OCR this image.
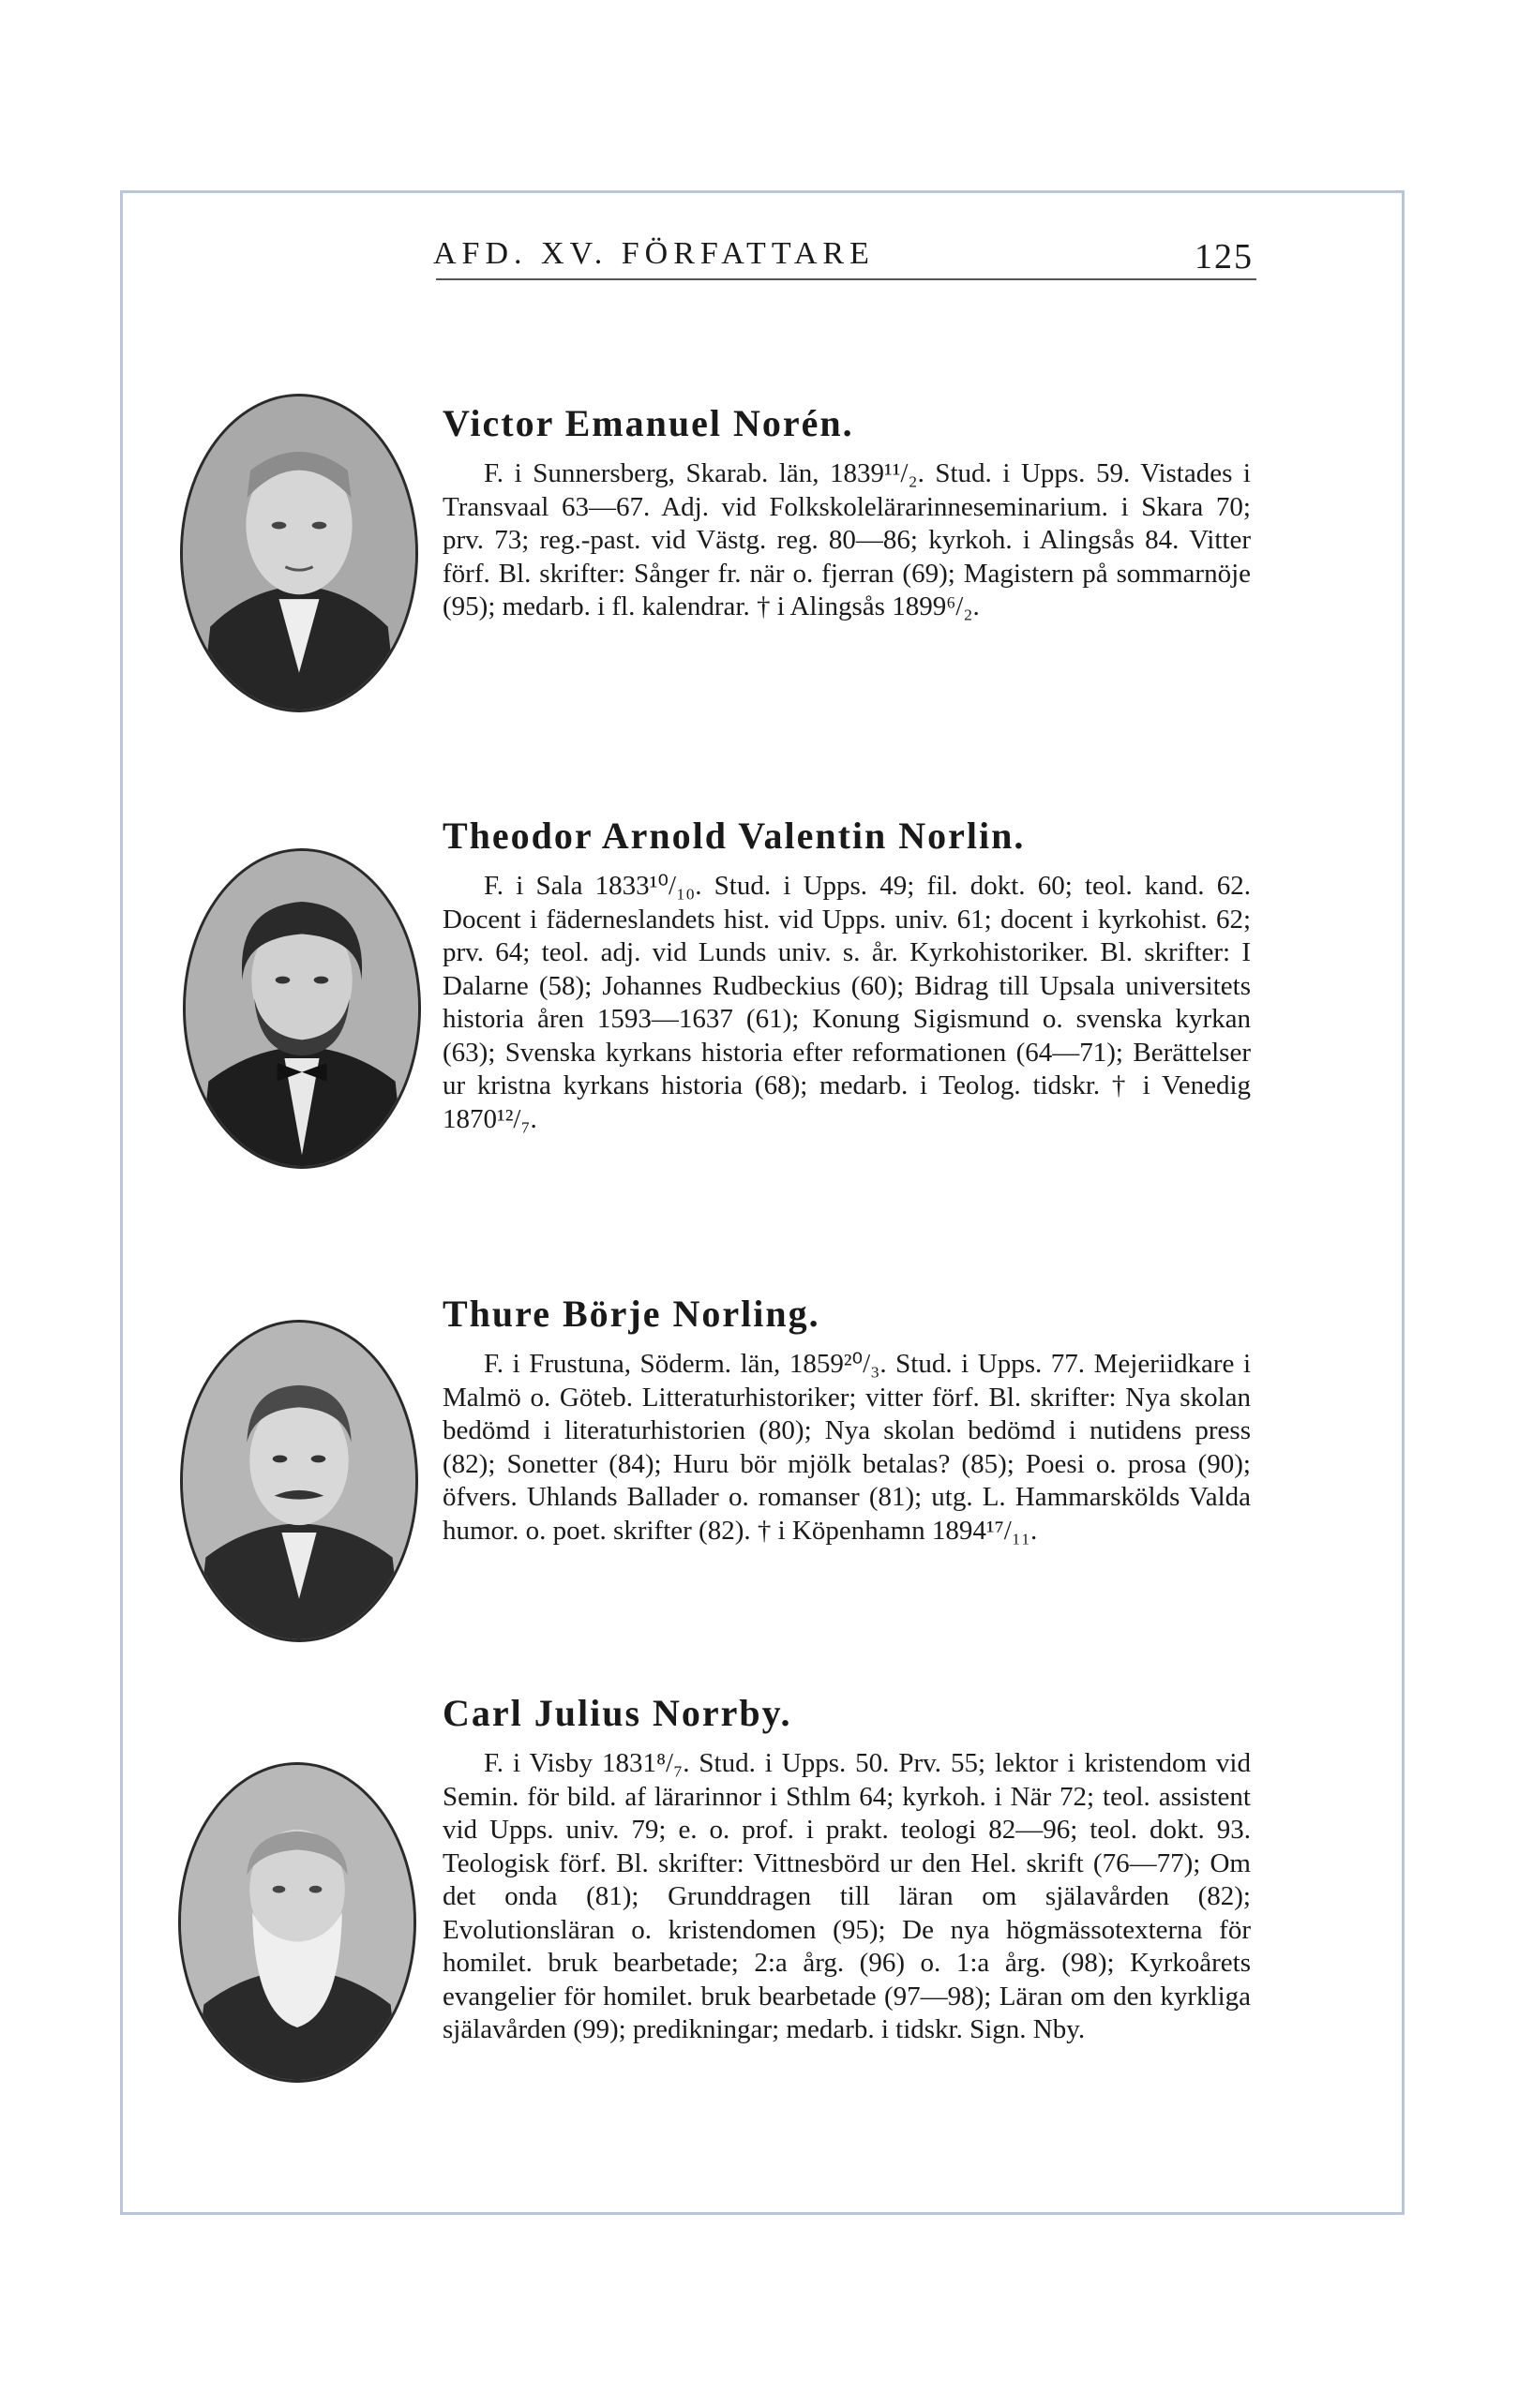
AFD. XV. FÖRFATTARE	125
Victor Emanuel Norén.

F. i Sunnersberg, Skarab. län, 1839¹¹/₂. Stud. i Upps. 59. Vistades i Transvaal 63—67. Adj. vid Folkskolelärarinneseminarium. i Skara 70; prv. 73; reg.-past. vid Västg. reg. 80—86; kyrkoh. i Alingsås 84. Vitter förf. Bl. skrifter: Sånger fr. när o. fjerran (69); Magistern på sommarnöje (95); medarb. i fl. kalendrar. † i Alingsås 1899⁶/₂.

Theodor Arnold Valentin Norlin.

F. i Sala 1833¹⁰/₁₀. Stud. i Upps. 49; fil. dokt. 60; teol. kand. 62. Docent i fäderneslandets hist. vid Upps. univ. 61; docent i kyrkohist. 62; prv. 64; teol. adj. vid Lunds univ. s. år. Kyrkohistoriker. Bl. skrifter: I Dalarne (58); Johannes Rudbeckius (60); Bidrag till Upsala universitets historia åren 1593—1637 (61); Konung Sigismund o. svenska kyrkan (63); Svenska kyrkans historia efter reformationen (64—71); Berättelser ur kristna kyrkans historia (68); medarb. i Teolog. tidskr. † i Venedig 1870¹²/₇.

Thure Börje Norling.

F. i Frustuna, Söderm. län, 1859²⁰/₃. Stud. i Upps. 77. Mejeriidkare i Malmö o. Göteb. Litteraturhistoriker; vitter förf. Bl. skrifter: Nya skolan bedömd i literaturhistorien (80); Nya skolan bedömd i nutidens press (82); Sonetter (84); Huru bör mjölk betalas? (85); Poesi o. prosa (90); öfvers. Uhlands Ballader o. romanser (81); utg. L. Hammarskölds Valda humor. o. poet. skrifter (82). † i Köpenhamn 1894¹⁷/₁₁.

Carl Julius Norrby.

F. i Visby 1831⁸/₇. Stud. i Upps. 50. Prv. 55; lektor i kristendom vid Semin. för bild. af lärarinnor i Sthlm 64; kyrkoh. i När 72; teol. assistent vid Upps. univ. 79; e. o. prof. i prakt. teologi 82—96; teol. dokt. 93. Teologisk förf. Bl. skrifter: Vittnesbörd ur den Hel. skrift (76—77); Om det onda (81); Grunddragen till läran om själavården (82); Evolutionsläran o. kristendomen (95); De nya högmässotexterna för homilet. bruk bearbetade; 2:a årg. (96) o. 1:a årg. (98); Kyrkoårets evangelier för homilet. bruk bearbetade (97—98); Läran om den kyrkliga själavården (99); predikningar; medarb. i tidskr. Sign. Nby.
